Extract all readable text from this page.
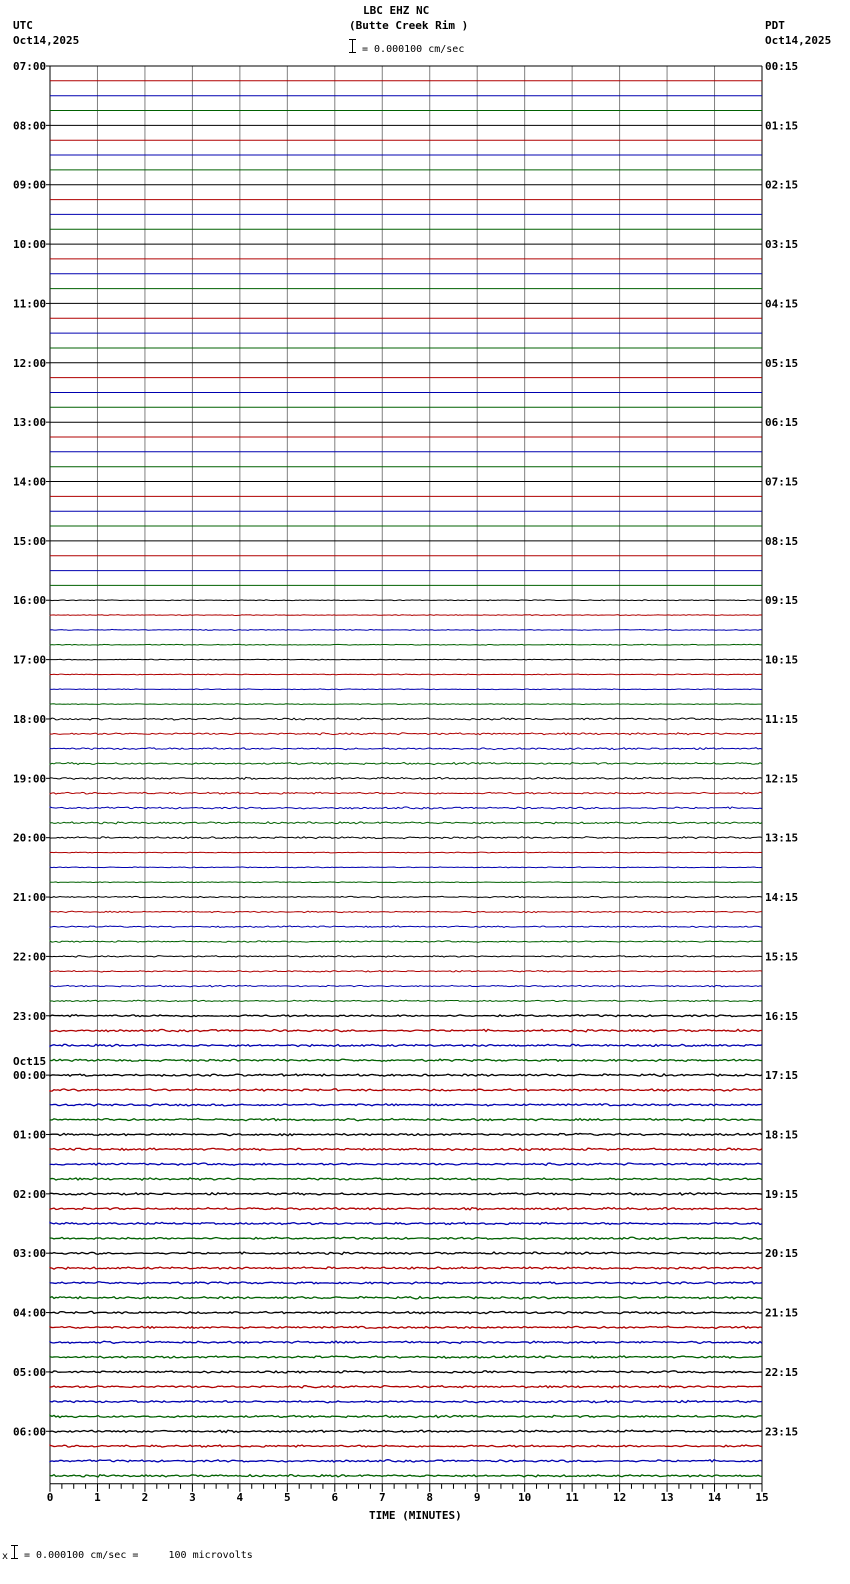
LBC EHZ NC
(Butte Creek Rim )
= 0.000100 cm/sec
UTC
Oct14,2025
PDT
Oct14,2025
07:00
08:00
09:00
10:00
11:00
12:00
13:00
14:00
15:00
16:00
17:00
18:00
19:00
20:00
21:00
22:00
23:00
00:00
01:00
02:00
03:00
04:00
05:00
06:00
00:15
01:15
02:15
03:15
04:15
05:15
06:15
07:15
08:15
09:15
10:15
11:15
12:15
13:15
14:15
15:15
16:15
17:15
18:15
19:15
20:15
21:15
22:15
23:15
Oct15
0	1	2	3	4	5	6	7	8	9	10	11	12	13	14	15
TIME (MINUTES)
x = 0.000100 cm/sec =     100 microvolts
